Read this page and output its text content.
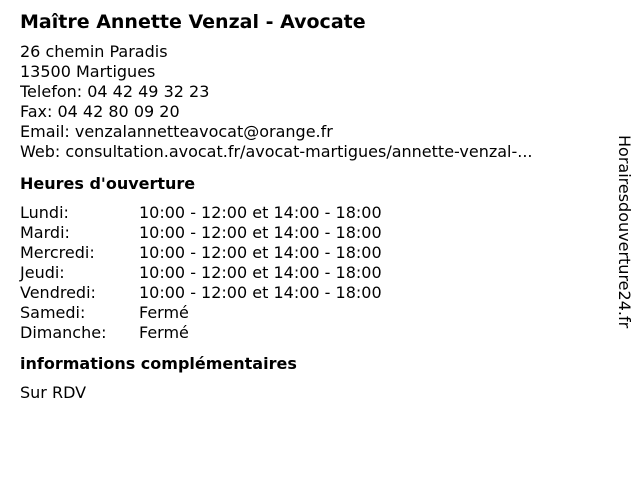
Maître Annette Venzal - Avocate
26 chemin Paradis
13500 Martigues
Telefon: 04 42 49 32 23
Fax: 04 42 80 09 20
Email: venzalannetteavocat@orange.fr
Web: consultation.avocat.fr/avocat-martigues/annette-venzal-...
Heures d'ouverture
Lundi:	10:00 - 12:00 et 14:00 - 18:00
Mardi:	10:00 - 12:00 et 14:00 - 18:00
Mercredi:	10:00 - 12:00 et 14:00 - 18:00
Jeudi:	10:00 - 12:00 et 14:00 - 18:00
Vendredi:	10:00 - 12:00 et 14:00 - 18:00
Samedi:	Fermé
Dimanche:	Fermé
informations complémentaires
Sur RDV
Horairesdouverture24.fr
